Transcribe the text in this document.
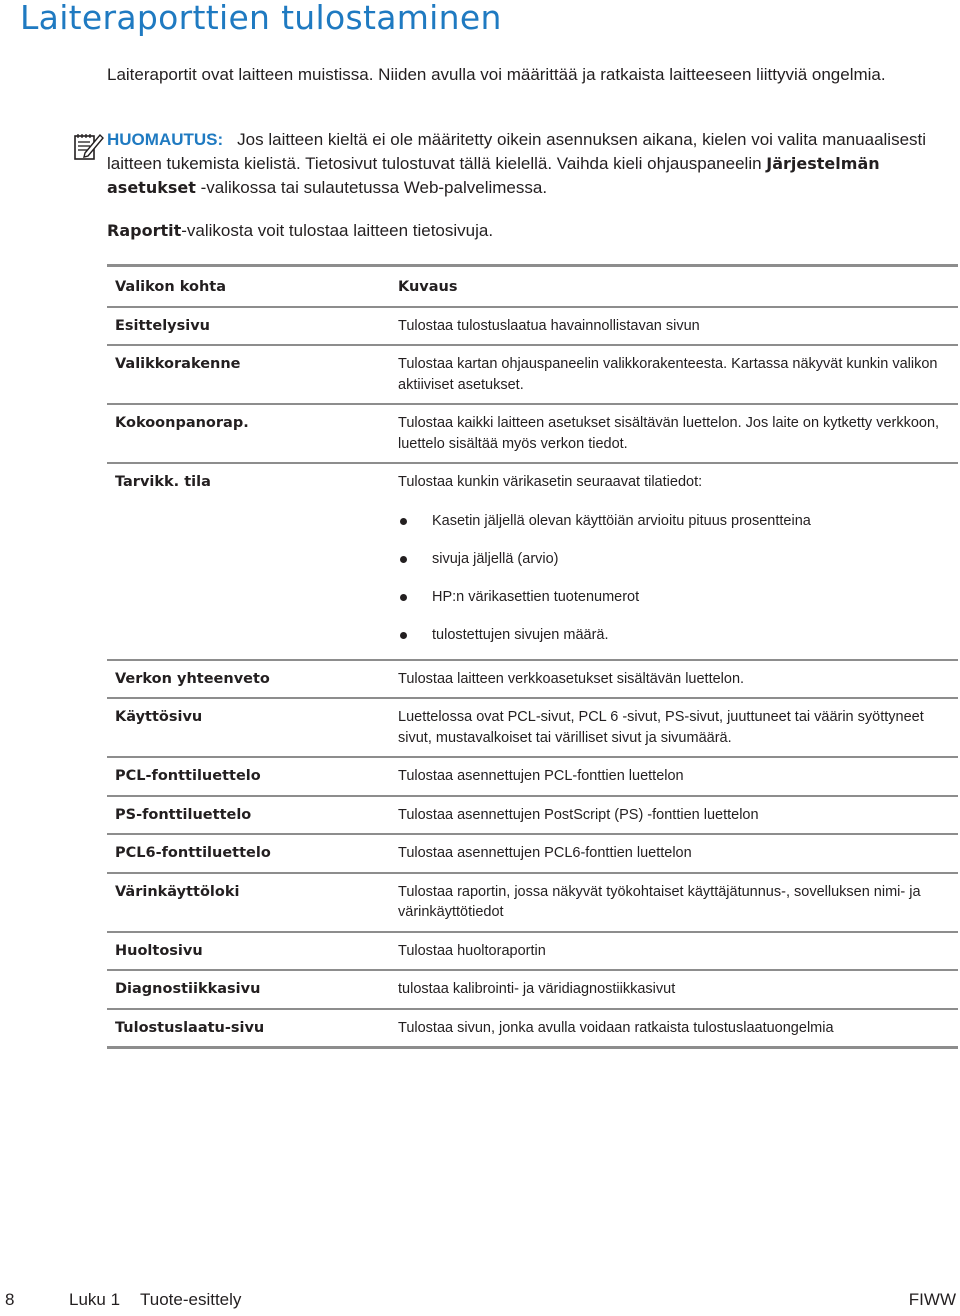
Laiteraporttien tulostaminen
Laiteraportit ovat laitteen muistissa. Niiden avulla voi määrittää ja ratkaista laitteeseen liittyviä ongelmia.
HUOMAUTUS: Jos laitteen kieltä ei ole määritetty oikein asennuksen aikana, kielen voi valita manuaalisesti laitteen tukemista kielistä. Tietosivut tulostuvat tällä kielellä. Vaihda kieli ohjauspaneelin Järjestelmän asetukset -valikossa tai sulautetussa Web-palvelimessa.
Raportit-valikosta voit tulostaa laitteen tietosivuja.
Valikon kohta	Kuvaus
Esittelysivu	Tulostaa tulostuslaatua havainnollistavan sivun
Valikkorakenne	Tulostaa kartan ohjauspaneelin valikkorakenteesta. Kartassa näkyvät kunkin valikon aktiiviset asetukset.
Kokoonpanorap.	Tulostaa kaikki laitteen asetukset sisältävän luettelon. Jos laite on kytketty verkkoon, luettelo sisältää myös verkon tiedot.
Tarvikk. tila	Tulostaa kunkin värikasetin seuraavat tilatiedot:
Kasetin jäljellä olevan käyttöiän arvioitu pituus prosentteina
sivuja jäljellä (arvio)
HP:n värikasettien tuotenumerot
tulostettujen sivujen määrä.
Verkon yhteenveto	Tulostaa laitteen verkkoasetukset sisältävän luettelon.
Käyttösivu	Luettelossa ovat PCL-sivut, PCL 6 -sivut, PS-sivut, juuttuneet tai väärin syöttyneet sivut, mustavalkoiset tai värilliset sivut ja sivumäärä.
PCL-fonttiluettelo	Tulostaa asennettujen PCL-fonttien luettelon
PS-fonttiluettelo	Tulostaa asennettujen PostScript (PS) -fonttien luettelon
PCL6-fonttiluettelo	Tulostaa asennettujen PCL6-fonttien luettelon
Värinkäyttöloki	Tulostaa raportin, jossa näkyvät työkohtaiset käyttäjätunnus-, sovelluksen nimi- ja värinkäyttötiedot
Huoltosivu	Tulostaa huoltoraportin
Diagnostiikkasivu	tulostaa kalibrointi- ja väridiagnostiikkasivut
Tulostuslaatu-sivu	Tulostaa sivun, jonka avulla voidaan ratkaista tulostuslaatuongelmia
8	Luku 1 Tuote-esittely	FIWW
